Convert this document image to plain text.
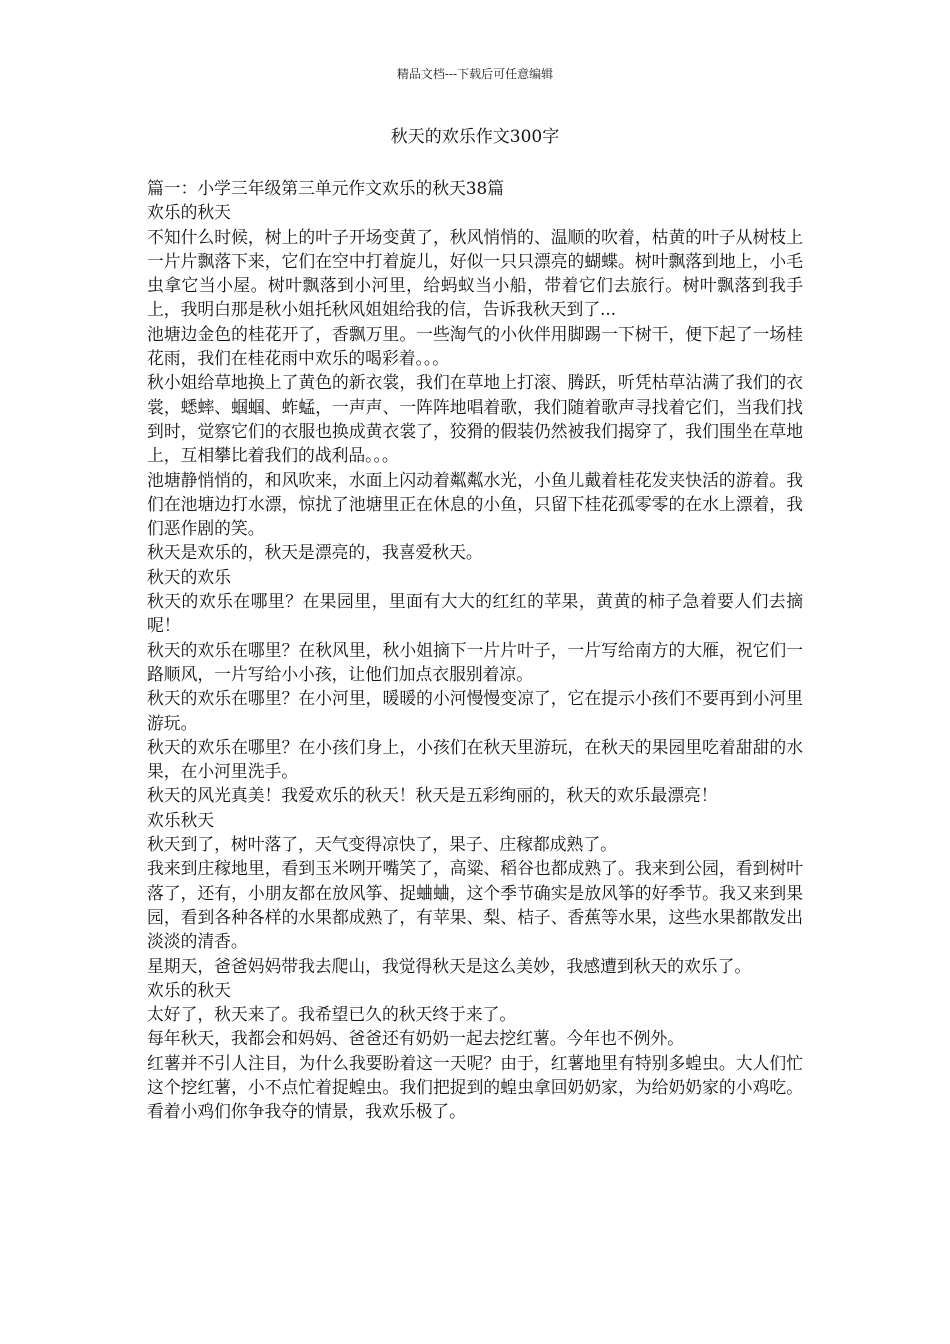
精品文档---下载后可任意编辑
秋天的欢乐作文300字

篇一：小学三年级第三单元作文欢乐的秋天38篇

欢乐的秋天

不知什么时候，树上的叶子开场变黄了，秋风悄悄的、温顺的吹着，枯黄的叶子从树枝上一片片飘落下来，它们在空中打着旋儿，好似一只只漂亮的蝴蝶。树叶飘落到地上，小毛虫拿它当小屋。树叶飘落到小河里，给蚂蚁当小船，带着它们去旅行。树叶飘落到我手上，我明白那是秋小姐托秋风姐姐给我的信，告诉我秋天到了...

池塘边金色的桂花开了，香飘万里。一些淘气的小伙伴用脚踢一下树干，便下起了一场桂花雨，我们在桂花雨中欢乐的喝彩着。。。

秋小姐给草地换上了黄色的新衣裳，我们在草地上打滚、腾跃，听凭枯草沾满了我们的衣裳，蟋蟀、蝈蝈、蚱蜢，一声声、一阵阵地唱着歌，我们随着歌声寻找着它们，当我们找到时，觉察它们的衣服也换成黄衣裳了，狡猾的假装仍然被我们揭穿了，我们围坐在草地上，互相攀比着我们的战利品。。。

池塘静悄悄的，和风吹来，水面上闪动着粼粼水光，小鱼儿戴着桂花发夹快活的游着。我们在池塘边打水漂，惊扰了池塘里正在休息的小鱼，只留下桂花孤零零的在水上漂着，我们恶作剧的笑。

秋天是欢乐的，秋天是漂亮的，我喜爱秋天。

秋天的欢乐

秋天的欢乐在哪里？在果园里，里面有大大的红红的苹果，黄黄的柿子急着要人们去摘呢！

秋天的欢乐在哪里？在秋风里，秋小姐摘下一片片叶子，一片写给南方的大雁，祝它们一路顺风，一片写给小小孩，让他们加点衣服别着凉。

秋天的欢乐在哪里？在小河里，暖暖的小河慢慢变凉了，它在提示小孩们不要再到小河里游玩。

秋天的欢乐在哪里？在小孩们身上，小孩们在秋天里游玩，在秋天的果园里吃着甜甜的水果，在小河里洗手。

秋天的风光真美！我爱欢乐的秋天！秋天是五彩绚丽的，秋天的欢乐最漂亮！

欢乐秋天

秋天到了，树叶落了，天气变得凉快了，果子、庄稼都成熟了。

我来到庄稼地里，看到玉米咧开嘴笑了，高粱、稻谷也都成熟了。我来到公园，看到树叶落了，还有，小朋友都在放风筝、捉蛐蛐，这个季节确实是放风筝的好季节。我又来到果园，看到各种各样的水果都成熟了，有苹果、梨、桔子、香蕉等水果，这些水果都散发出淡淡的清香。

星期天，爸爸妈妈带我去爬山，我觉得秋天是这么美妙，我感遭到秋天的欢乐了。

欢乐的秋天

太好了，秋天来了。我希望已久的秋天终于来了。

每年秋天，我都会和妈妈、爸爸还有奶奶一起去挖红薯。今年也不例外。

红薯并不引人注目，为什么我要盼着这一天呢？由于，红薯地里有特别多蝗虫。大人们忙这个挖红薯，小不点忙着捉蝗虫。我们把捉到的蝗虫拿回奶奶家，为给奶奶家的小鸡吃。看着小鸡们你争我夺的情景，我欢乐极了。
